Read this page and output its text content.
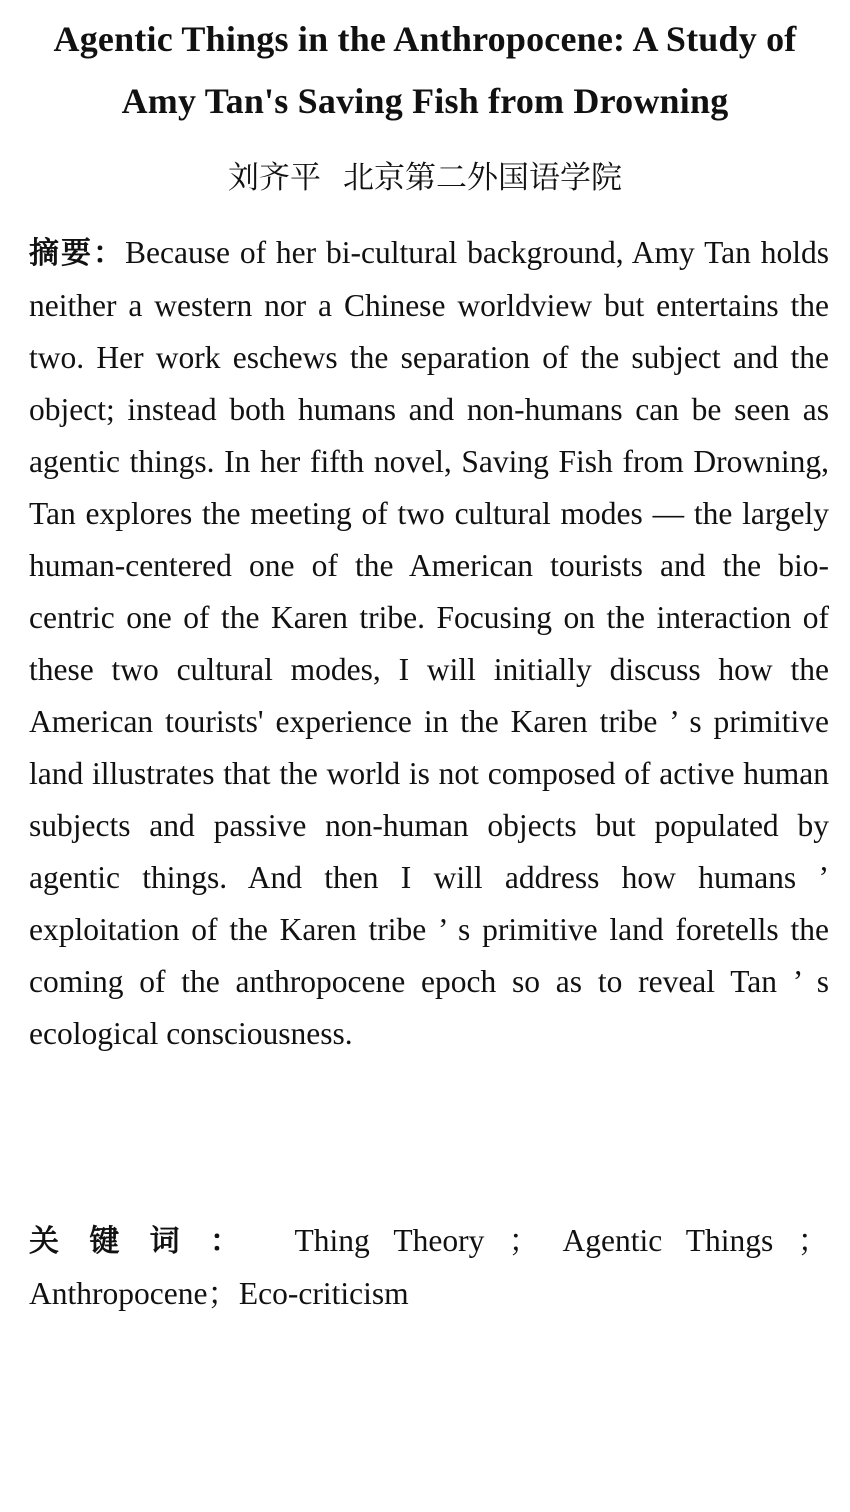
Agentic Things in the Anthropocene: A Study of Amy Tan's Saving Fish from Drowning
刘齐平 北京第二外国语学院

摘要：Because of her bi-cultural background, Amy Tan holds neither a western nor a Chinese worldview but entertains the two. Her work eschews the separation of the subject and the object; instead both humans and non-humans can be seen as agentic things. In her fifth novel, Saving Fish from Drowning, Tan explores the meeting of two cultural modes — the largely human-centered one of the American tourists and the bio-centric one of the Karen tribe. Focusing on the interaction of these two cultural modes, I will initially discuss how the American tourists' experience in the Karen tribe ’ s primitive land illustrates that the world is not composed of active human subjects and passive non-human objects but populated by agentic things. And then I will address how humans ’ exploitation of the Karen tribe ’ s primitive land foretells the coming of the anthropocene epoch so as to reveal Tan ’ s ecological consciousness.

关键词： Thing Theory ； Agentic Things ； Anthropocene；Eco-criticism
